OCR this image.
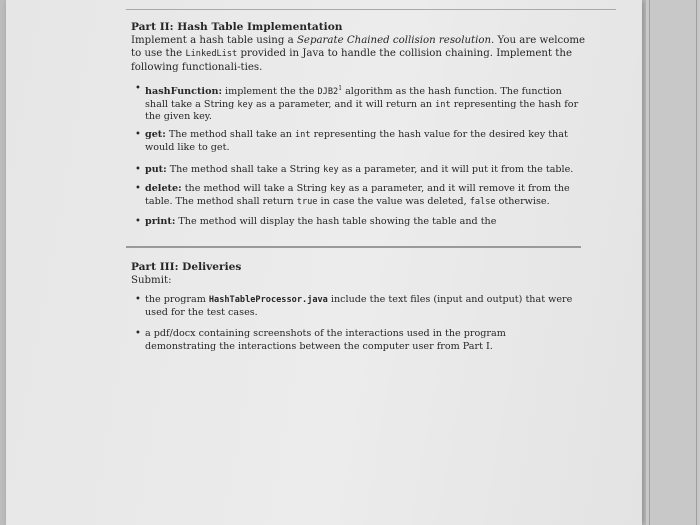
Part II: Hash Table Implementation
Implement a hash table using a Separate Chained collision resolution. You are welcome to use the LinkedList provided in Java to handle the collision chaining. Implement the following functionali-ties.
• hashFunction: implement the the $DJB2^1$ algorithm as the hash function. The function shall take a String key as a parameter, and it will return an int representing the hash for the given key.
• get: The method shall take an int representing the hash value for the desired key that would like to get.
• put: The method shall take a String key as a parameter, and it will put it from the table.
• delete: the method will take a String key as a parameter, and it will remove it from the table. The method shall return true in case the value was deleted, false otherwise.
• print: The method will display the hash table showing the table and the
Part III: Deliveries
Submit:
• the program HashTableProcessor.java include the text files (input and output) that were used for the test cases.
• a pdf/docx containing screenshots of the interactions used in the program demonstrating the interactions between the computer user from Part I.
